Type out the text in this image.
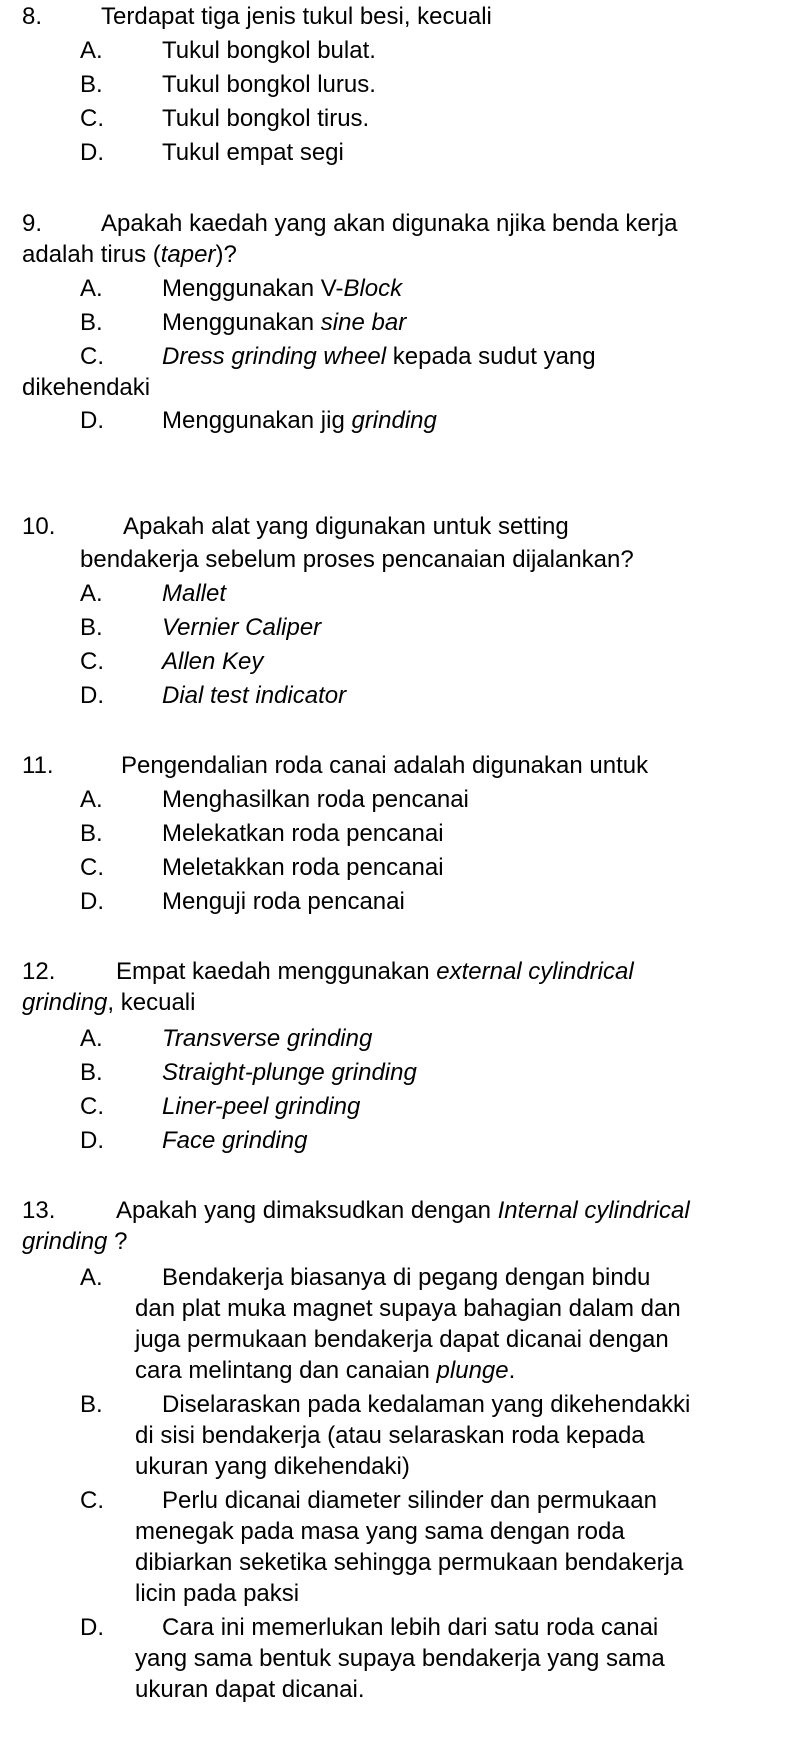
8. Terdapat tiga jenis tukul besi, kecuali
A. Tukul bongkol bulat.
B. Tukul bongkol lurus.
C. Tukul bongkol tirus.
D. Tukul empat segi
9. Apakah kaedah yang akan digunaka njika benda kerja
adalah tirus (taper)?
A. Menggunakan V-Block
B. Menggunakan sine bar
C. Dress grinding wheel kepada sudut yang
dikehendaki
D. Menggunakan jig grinding
10.	Apakah alat yang digunakan untuk setting
bendakerja sebelum proses pencanaian dijalankan?
A. Mallet
B. Vernier Caliper
C. Allen Key
D. Dial test indicator
11.	Pengendalian roda canai adalah digunakan untuk
A. Menghasilkan roda pencanai
B. Melekatkan roda pencanai
C. Meletakkan roda pencanai
D. Menguji roda pencanai
12.	Empat kaedah menggunakan external cylindrical
grinding, kecuali
A. Transverse grinding
B. Straight-plunge grinding
C. Liner-peel grinding
D. Face grinding
13.	Apakah yang dimaksudkan dengan Internal cylindrical
grinding ?
A. Bendakerja biasanya di pegang dengan bindu
dan plat muka magnet supaya bahagian dalam dan
juga permukaan bendakerja dapat dicanai dengan
cara melintang dan canaian plunge.
B. Diselaraskan pada kedalaman yang dikehendakki
di sisi bendakerja (atau selaraskan roda kepada
ukuran yang dikehendaki)
C. Perlu dicanai diameter silinder dan permukaan
menegak pada masa yang sama dengan roda
dibiarkan seketika sehingga permukaan bendakerja
licin pada paksi
D. Cara ini memerlukan lebih dari satu roda canai
yang sama bentuk supaya bendakerja yang sama
ukuran dapat dicanai.
